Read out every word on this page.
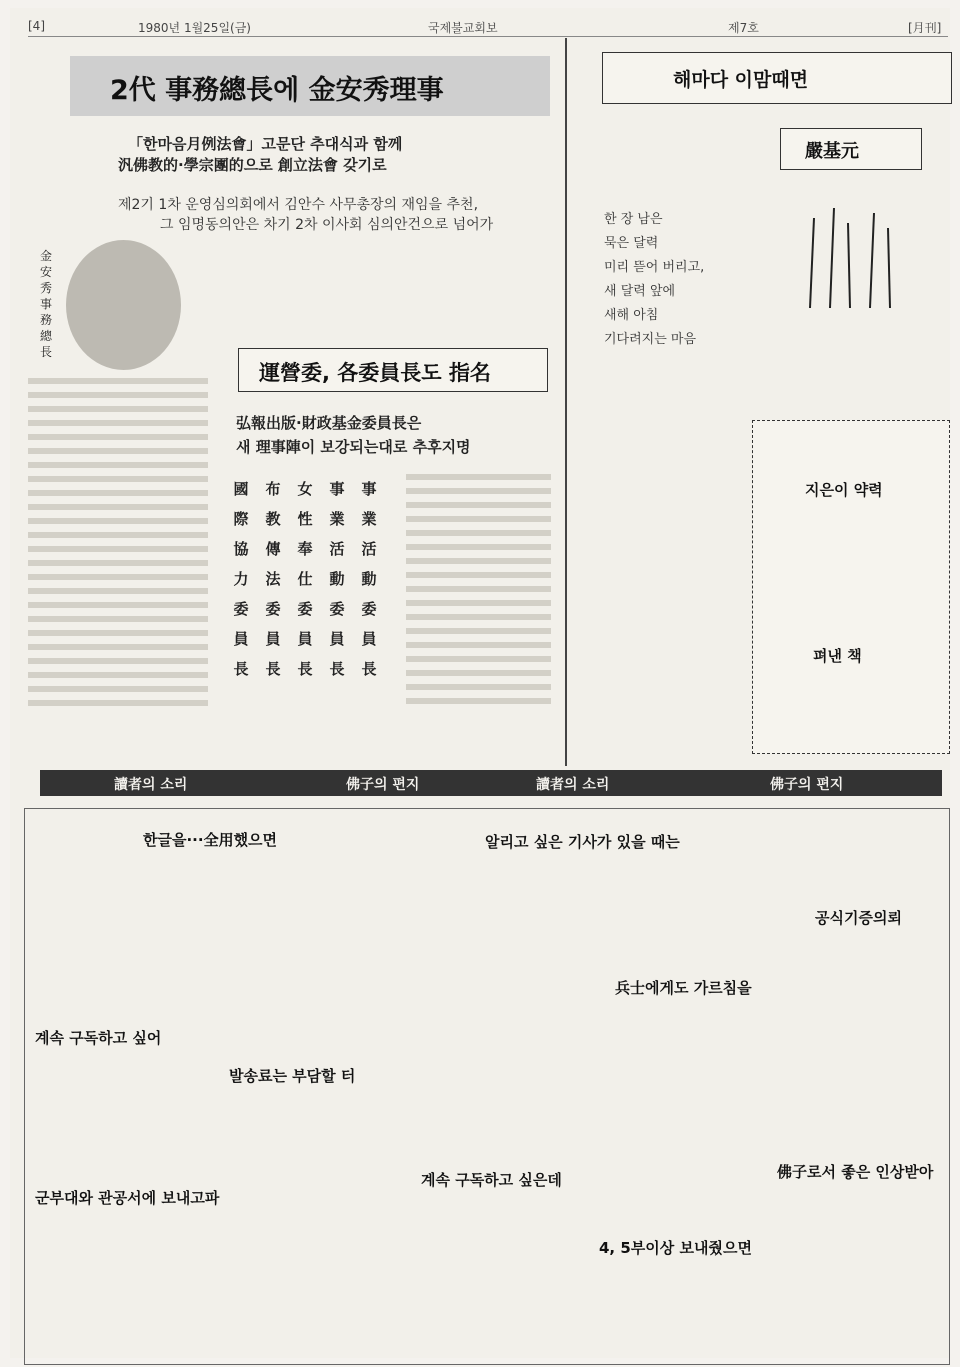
[4]	1980년 1월25일(금)	국제불교회보	제7호	[月刊]
2代 事務總長에 金安秀理事
「한마음月例法會」고문단 추대식과 함께
汎佛教的·學宗團的으로 創立法會 갖기로
제2기 1차 운영심의회에서 김안수 사무총장의 재임을 추천,
그 임명동의안은 차기 2차 이사회 심의안건으로 넘어가
金安秀事務總長
運營委, 各委員長도 指名
弘報出版·財政基金委員長은
새 理事陣이 보강되는대로 추후지명
國際協力委員長
布教傳法委員長
女性奉仕委員長
事業活動委員長
事業活動委員長
해마다 이맘때면
嚴基元
한 장 남은
묵은 달력
미리 뜯어 버리고,
새 달력 앞에
새해 아침
기다려지는 마음
지은이 약력
펴낸 책
讀者의 소리	佛子의 편지	讀者의 소리	佛子의 편지
한글을···全用했으면	알리고 싶은 기사가 있을 때는
공식기증의뢰
계속 구독하고 싶어
발송료는 부담할 터
兵士에게도 가르침을
군부대와 관공서에 보내고파
계속 구독하고 싶은데
4, 5부이상 보내줬으면
佛子로서 좋은 인상받아
